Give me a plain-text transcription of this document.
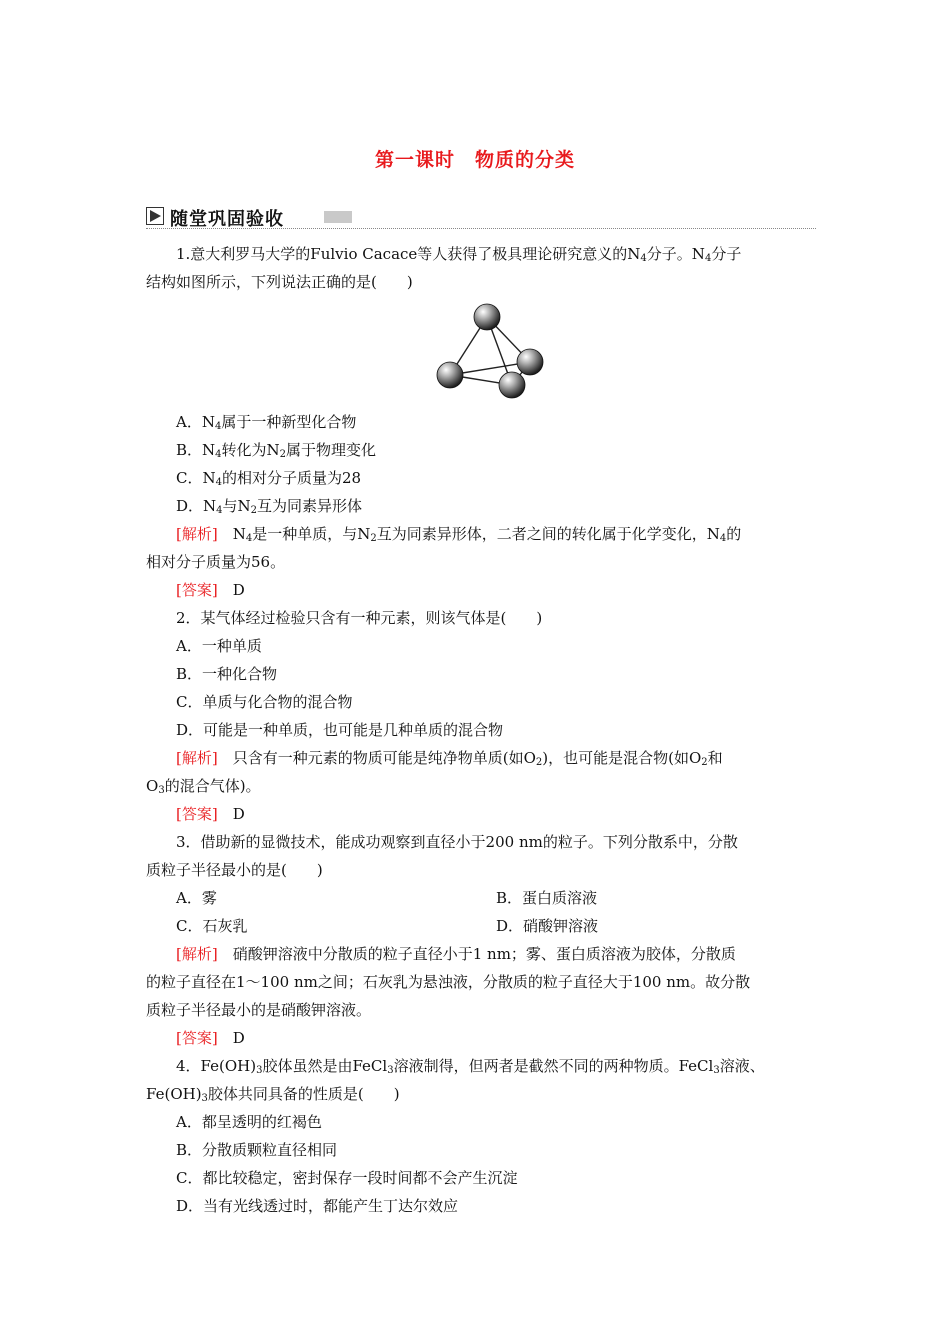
第一课时　物质的分类
随堂巩固验收

1.意大利罗马大学的Fulvio Cacace等人获得了极具理论研究意义的$N_4$分子。$N_4$分子

结构如图所示，下列说法正确的是(　　)

A．$N_4$属于一种新型化合物

B．$N_4$转化为$N_2$属于物理变化

C．$N_4$的相对分子质量为28

D．$N_4$与$N_2$互为同素异形体

[解析]　$N_4$是一种单质，与$N_2$互为同素异形体，二者之间的转化属于化学变化，$N_4$的

相对分子质量为56。

[答案]　D

2．某气体经过检验只含有一种元素，则该气体是(　　)

A．一种单质

B．一种化合物

C．单质与化合物的混合物

D．可能是一种单质，也可能是几种单质的混合物

[解析]　只含有一种元素的物质可能是纯净物单质(如$O_2$)，也可能是混合物(如$O_2$和

$O_3$的混合气体)。

[答案]　D

3．借助新的显微技术，能成功观察到直径小于200 nm的粒子。下列分散系中，分散

质粒子半径最小的是(　　)

A．雾	B．蛋白质溶液
C．石灰乳	D．硝酸钾溶液

[解析]　硝酸钾溶液中分散质的粒子直径小于1 nm；雾、蛋白质溶液为胶体，分散质

的粒子直径在1～100 nm之间；石灰乳为悬浊液，分散质的粒子直径大于100 nm。故分散

质粒子半径最小的是硝酸钾溶液。

[答案]　D

4．$Fe(OH)_3$胶体虽然是由FeCl$_3$溶液制得，但两者是截然不同的两种物质。FeCl$_3$溶液、

$Fe(OH)_3$胶体共同具备的性质是(　　)

A．都呈透明的红褐色

B．分散质颗粒直径相同

C．都比较稳定，密封保存一段时间都不会产生沉淀

D．当有光线透过时，都能产生丁达尔效应
